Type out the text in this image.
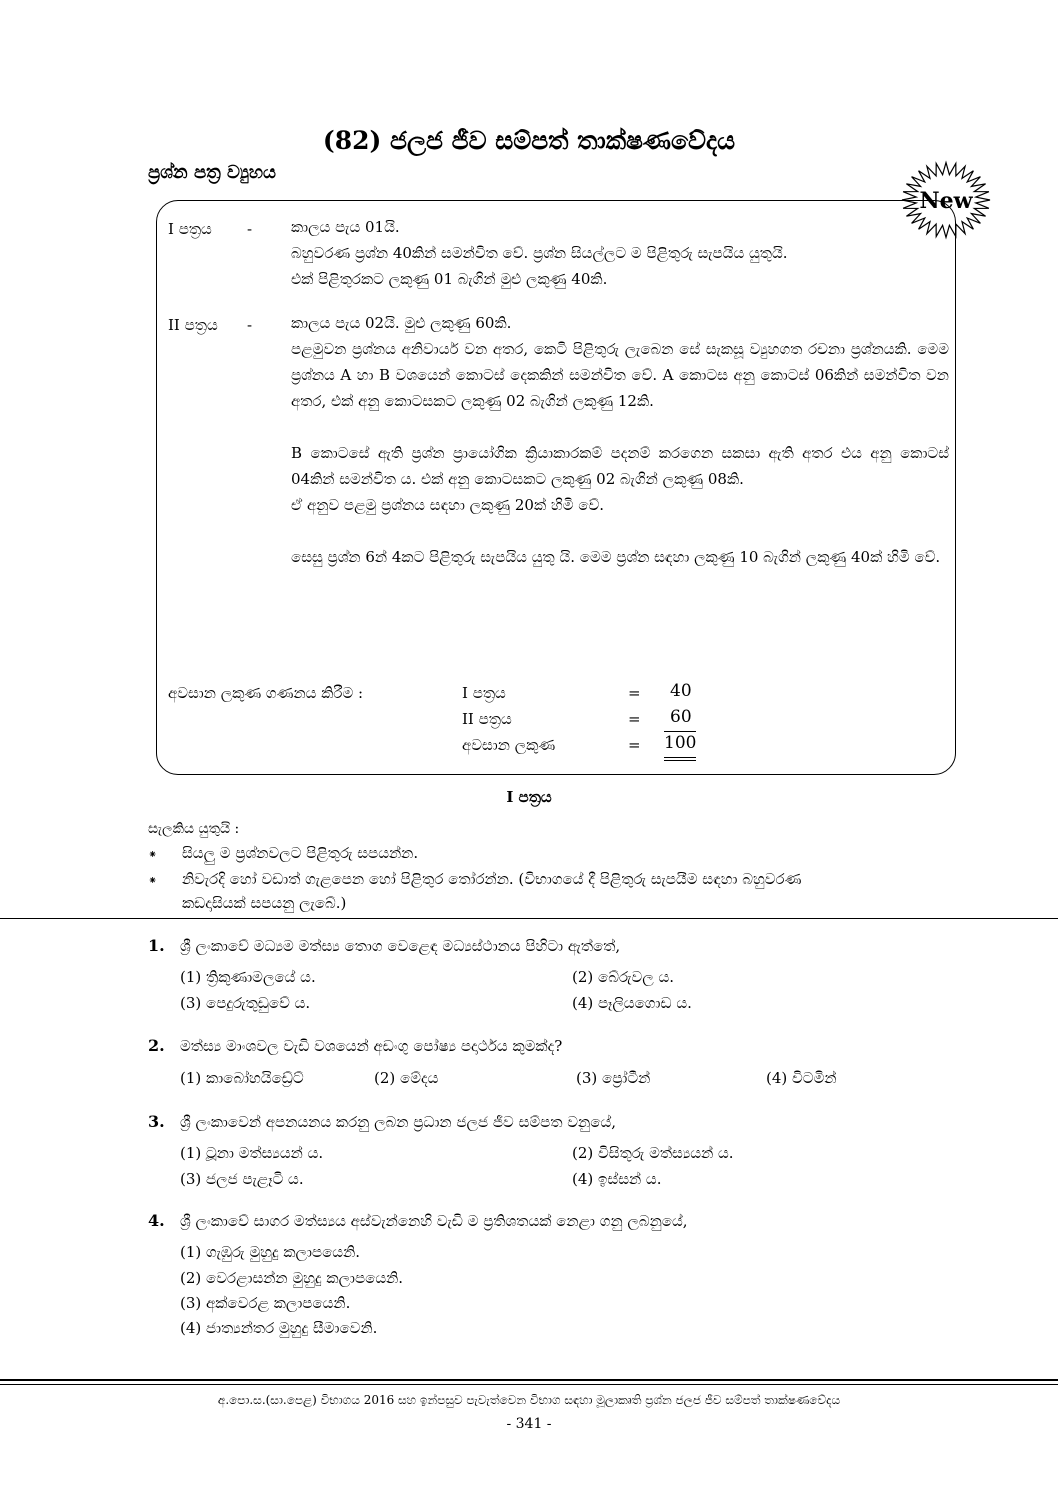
(82) ජලජ ජීව සම්පත් තාක්ෂණවේදය
ප්‍රශ්න පත්‍ර ව්‍යුහය
New
I පත්‍රය -	කාලය පැය 01යි.
බහුවරණ ප්‍රශ්න 40කින් සමන්විත වේ. ප්‍රශ්න සියල්ලට ම පිළිතුරු සැපයිය යුතුයි.
එක් පිළිතුරකට ලකුණු 01 බැගින් මුළු ලකුණු 40කි.
II පත්‍රය -	කාලය පැය 02යි. මුළු ලකුණු 60කි.

පළමුවන ප්‍රශ්නය අනිවාර්ය වන අතර, කෙටි පිළිතුරු ලැබෙන සේ සැකසූ ව්‍යුහගත රචනා ප්‍රශ්නයකි. මෙම ප්‍රශ්නය A හා B වශයෙන් කොටස් දෙකකින් සමන්විත වේ. A කොටස අනු කොටස් 06කින් සමන්විත වන අතර, එක් අනු කොටසකට ලකුණු 02 බැගින් ලකුණු 12කි.

B කොටසේ ඇති ප්‍රශ්න ප්‍රායෝගික ක්‍රියාකාරකම් පදනම් කරගෙන සකසා ඇති අතර එය අනු කොටස් 04කින් සමන්විත ය. එක් අනු කොටසකට ලකුණු 02 බැගින් ලකුණු 08කි.

ඒ අනුව පළමු ප්‍රශ්නය සඳහා ලකුණු 20ක් හිමි වේ.

සෙසු ප්‍රශ්න 6න් 4කට පිළිතුරු සැපයිය යුතු යි. මෙම ප්‍රශ්න සඳහා ලකුණු 10 බැගින් ලකුණු 40ක් හිමි වේ.

අවසාන ලකුණ ගණනය කිරීම :	I පත්‍රය	= 40
II පත්‍රය	= 60
අවසාන ලකුණ	= 100
I පත්‍රය
සැලකිය යුතුයි :
⁕ සියලු ම ප්‍රශ්නවලට පිළිතුරු සපයන්න.
⁕ නිවැරදි හෝ වඩාත් ගැළපෙන හෝ පිළිතුර තෝරන්න. (විභාගයේ දී පිළිතුරු සැපයීම සඳහා බහුවරණ
කඩදාසියක් සපයනු ලැබේ.)
1. ශ්‍රී ලංකාවේ මධ්‍යම මත්ස්‍ය තොග වෙළෙඳ මධ්‍යස්ථානය පිහිටා ඇත්තේ,
(1) ත්‍රිකුණාමලයේ ය.	(2) බේරුවල ය.
(3) පෙදුරුතුඩුවේ ය.	(4) පෑලියගොඩ ය.
2. මත්ස්‍ය මාංශවල වැඩි වශයෙන් අඩංගු පෝෂ්‍ය පදාර්ථය කුමක්ද?
(1) කාබෝහයිඩ්‍රේට්	(2) මේදය	(3) ප්‍රෝටීන්	(4) විටමින්
3. ශ්‍රී ලංකාවෙන් අපනයනය කරනු ලබන ප්‍රධාන ජලජ ජීව සම්පත වනුයේ,
(1) ටූනා මත්ස්‍යයන් ය.	(2) විසිතුරු මත්ස්‍යයන් ය.
(3) ජලජ පැළෑටි ය.	(4) ඉස්සන් ය.
4. ශ්‍රී ලංකාවේ සාගර මත්ස්‍යය අස්වැන්නෙහි වැඩි ම ප්‍රතිශතයක් නෙළා ගනු ලබනුයේ,
(1) ගැඹුරු මුහුදු කලාපයෙනි.
(2) වෙරළාසන්න මුහුදු කලාපයෙනි.
(3) අක්වෙරළ කලාපයෙනි.
(4) ජාත්‍යන්තර මුහුදු සීමාවෙනි.
අ.පො.ස.(සා.පෙළ) විභාගය 2016 සහ ඉන්පසුව පැවැත්වෙන විභාග සඳහා මූලාකෘති ප්‍රශ්න ජලජ ජීව සම්පත් තාක්ෂණවේදය
- 341 -
